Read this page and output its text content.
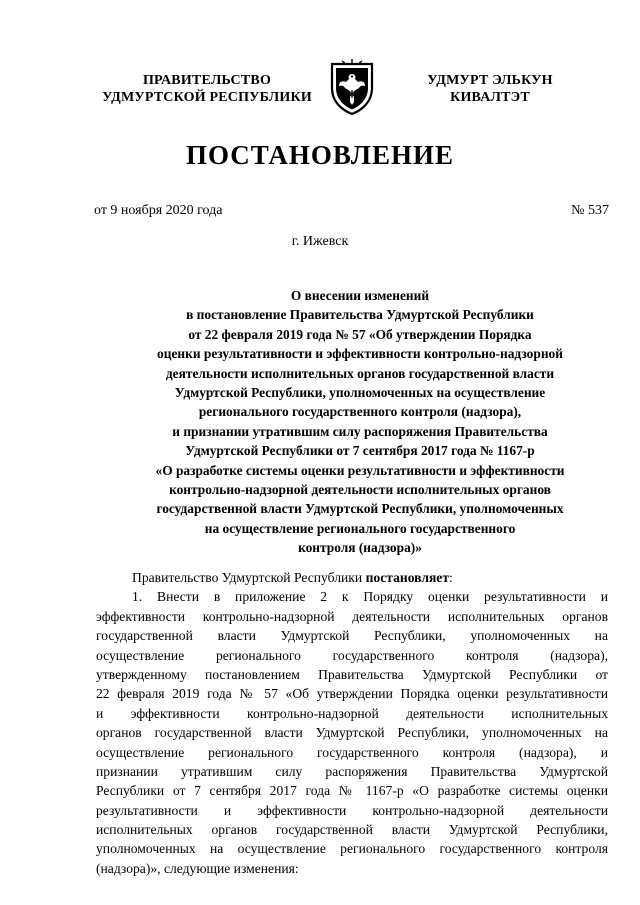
ПРАВИТЕЛЬСТВО
УДМУРТСКОЙ РЕСПУБЛИКИ
УДМУРТ ЭЛЬКУН
КИВАЛТЭТ
ПОСТАНОВЛЕНИЕ
от 9 ноября 2020 года	№ 537
г. Ижевск
О внесении изменений
в постановление Правительства Удмуртской Республики
от 22 февраля 2019 года № 57 «Об утверждении Порядка
оценки результативности и эффективности контрольно-надзорной
деятельности исполнительных органов государственной власти
Удмуртской Республики, уполномоченных на осуществление
регионального государственного контроля (надзора),
и признании утратившим силу распоряжения Правительства
Удмуртской Республики от 7 сентября 2017 года № 1167-р
«О разработке системы оценки результативности и эффективности
контрольно-надзорной деятельности исполнительных органов
государственной власти Удмуртской Республики, уполномоченных
на осуществление регионального государственного
контроля (надзора)»
Правительство Удмуртской Республики постановляет:
1. Внести в приложение 2 к Порядку оценки результативности и
эффективности контрольно-надзорной деятельности исполнительных органов
государственной власти Удмуртской Республики, уполномоченных на
осуществление регионального государственного контроля (надзора),
утвержденному постановлением Правительства Удмуртской Республики от
22 февраля 2019 года № 57 «Об утверждении Порядка оценки результативности
и эффективности контрольно-надзорной деятельности исполнительных
органов государственной власти Удмуртской Республики, уполномоченных на
осуществление регионального государственного контроля (надзора), и
признании утратившим силу распоряжения Правительства Удмуртской
Республики от 7 сентября 2017 года № 1167-р «О разработке системы оценки
результативности и эффективности контрольно-надзорной деятельности
исполнительных органов государственной власти Удмуртской Республики,
уполномоченных на осуществление регионального государственного контроля
(надзора)», следующие изменения:
